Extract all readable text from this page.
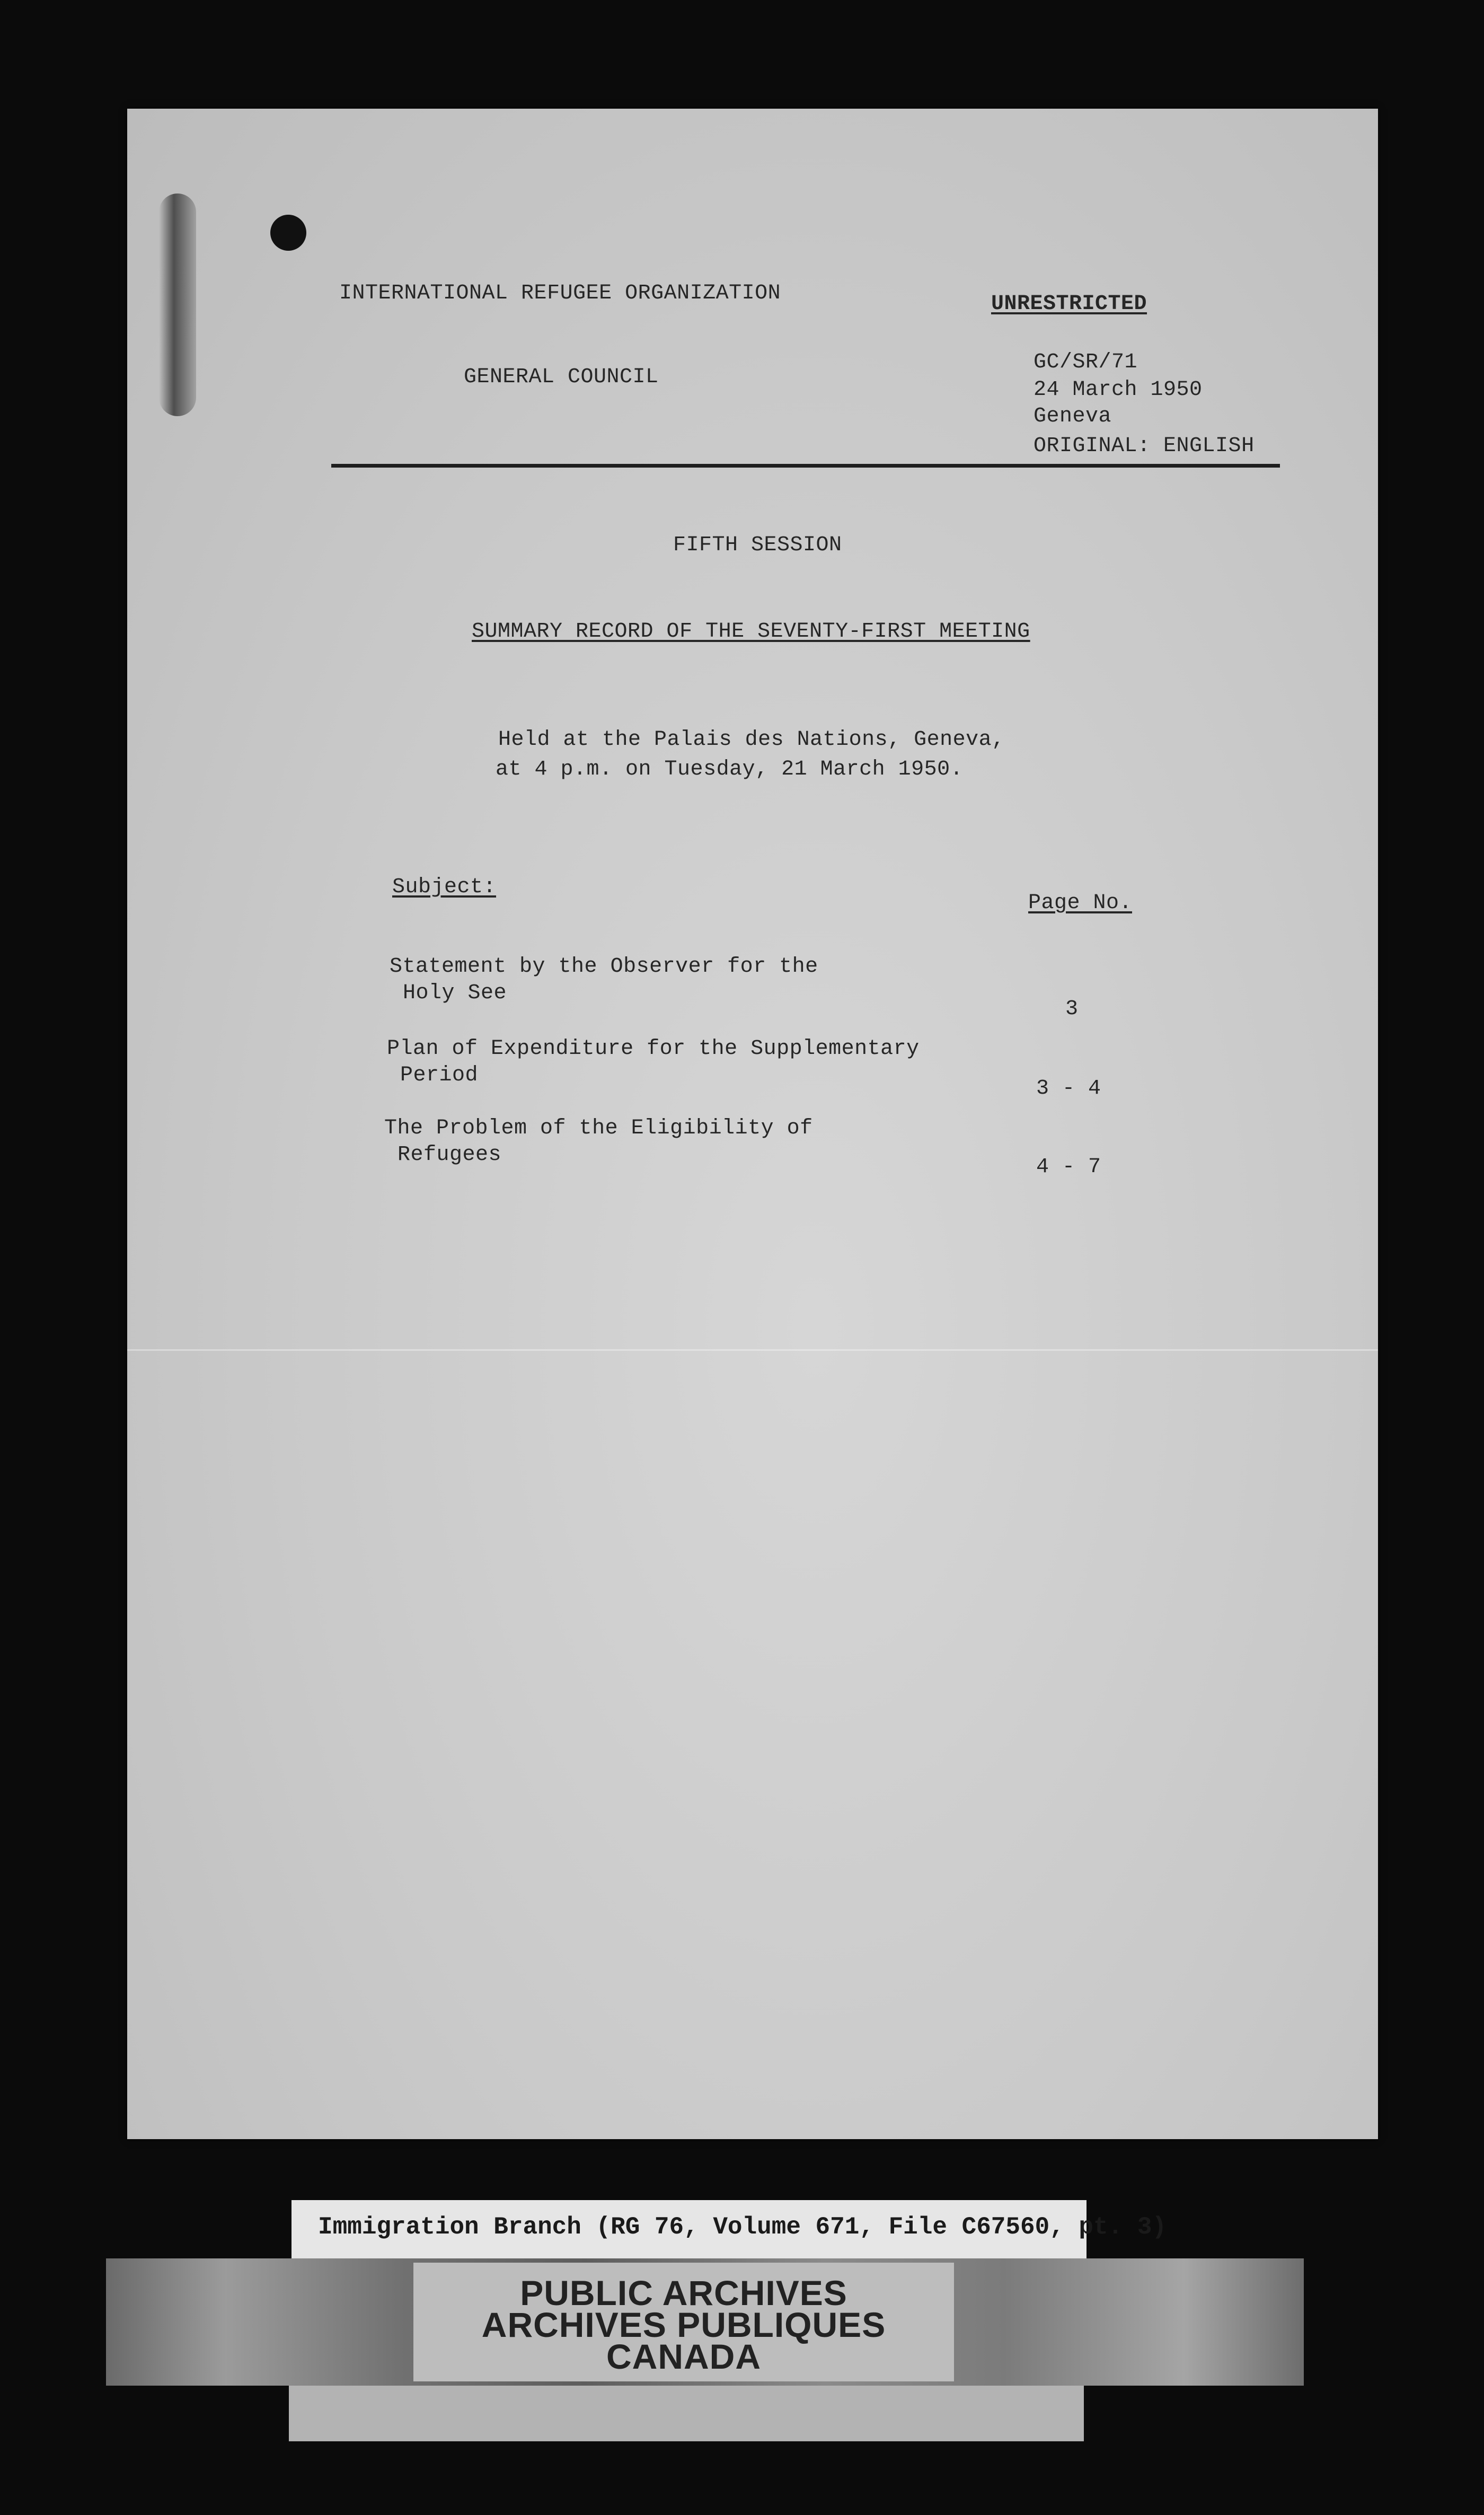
INTERNATIONAL REFUGEE ORGANIZATION
GENERAL COUNCIL
UNRESTRICTED
GC/SR/71
24 March 1950
Geneva
ORIGINAL: ENGLISH
FIFTH SESSION
SUMMARY RECORD OF THE SEVENTY-FIRST MEETING
Held at the Palais des Nations, Geneva,
at 4 p.m. on Tuesday, 21 March 1950.
Subject:
Page No.
Statement by the Observer for the
Holy See
3
Plan of Expenditure for the Supplementary
Period
3 - 4
The Problem of the Eligibility of
Refugees
4 - 7
Immigration Branch (RG 76, Volume 671, File C67560, pt. 3)
PUBLIC ARCHIVES
ARCHIVES PUBLIQUES
CANADA
